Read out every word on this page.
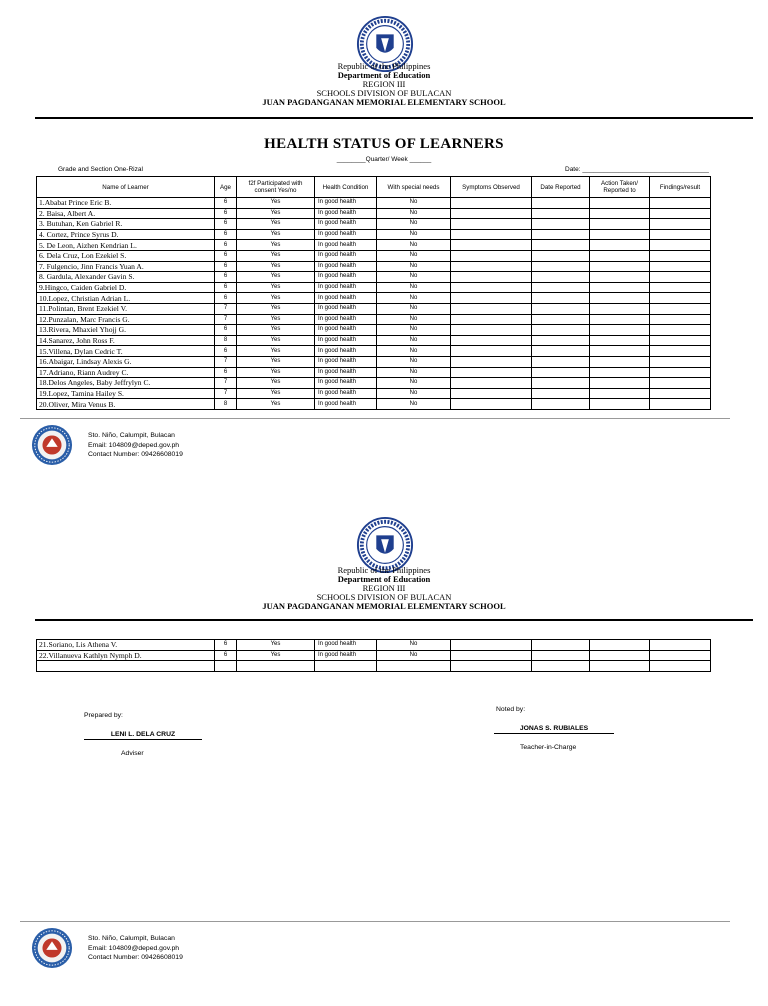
Republic of the Philippines
Department of Education
REGION III
SCHOOLS DIVISION OF BULACAN
JUAN PAGDANGANAN MEMORIAL ELEMENTARY SCHOOL
HEALTH STATUS OF LEARNERS
________Quarter/ Week ______
Grade and Section One-Rizal	Date: ___________________________________
Name of Learner	Age	f2f Participated with consent Yes/no	Health Condition	With special needs	Symptoms Observed	Date Reported	Action Taken/ Reported to	Findings/result
1.Ababat Prince Eric B.	6	Yes	In good health	No				
2. Baisa, Albert A.	6	Yes	In good health	No				
3. Butuhan, Ken Gabriel R.	6	Yes	In good health	No				
4. Cortez, Prince Syrus D.	6	Yes	In good health	No				
5. De Leon, Aizhen Kendrian L.	6	Yes	In good health	No				
6. Dela Cruz, Lon Ezekiel S.	6	Yes	In good health	No				
7. Fulgencio, Jinn Francis Yuan A.	6	Yes	In good health	No				
8. Gardula, Alexander Gavin S.	6	Yes	In good health	No				
9.Hingco, Caiden Gabriel D.	6	Yes	In good health	No				
10.Lopez, Christian Adrian L.	6	Yes	In good health	No				
11.Polintan, Brent Ezekiel V.	7	Yes	In good health	No				
12.Punzalan, Marc Francis G.	7	Yes	In good health	No				
13.Rivera, Mhaxiel Yhojj G.	6	Yes	In good health	No				
14.Sanarez, John Ross F.	8	Yes	In good health	No				
15.Villena, Dylan Cedric T.	6	Yes	In good health	No				
16.Abaigar, Lindsay Alexis G.	7	Yes	In good health	No				
17.Adriano, Riann Audrey C.	6	Yes	In good health	No				
18.Delos Angeles, Baby Jeffrylyn C.	7	Yes	In good health	No				
19.Lopez, Tamina Hailey S.	7	Yes	In good health	No				
20.Oliver, Mira Venus B.	8	Yes	In good health	No				
Sto. Niño, Calumpit, Bulacan
Email: 104809@deped.gov.ph
Contact Number: 09426608019
Republic of the Philippines
Department of Education
REGION III
SCHOOLS DIVISION OF BULACAN
JUAN PAGDANGANAN MEMORIAL ELEMENTARY SCHOOL
21.Soriano, Lis Athena V.	6	Yes	In good health	No				
22.Villanueva Kathlyn Nymph D.	6	Yes	In good health	No				

Prepared by:
LENI L. DELA CRUZ
Adviser
Noted by:
JONAS S. RUBIALES
Teacher-in-Charge
Sto. Niño, Calumpit, Bulacan
Email: 104809@deped.gov.ph
Contact Number: 09426608019
